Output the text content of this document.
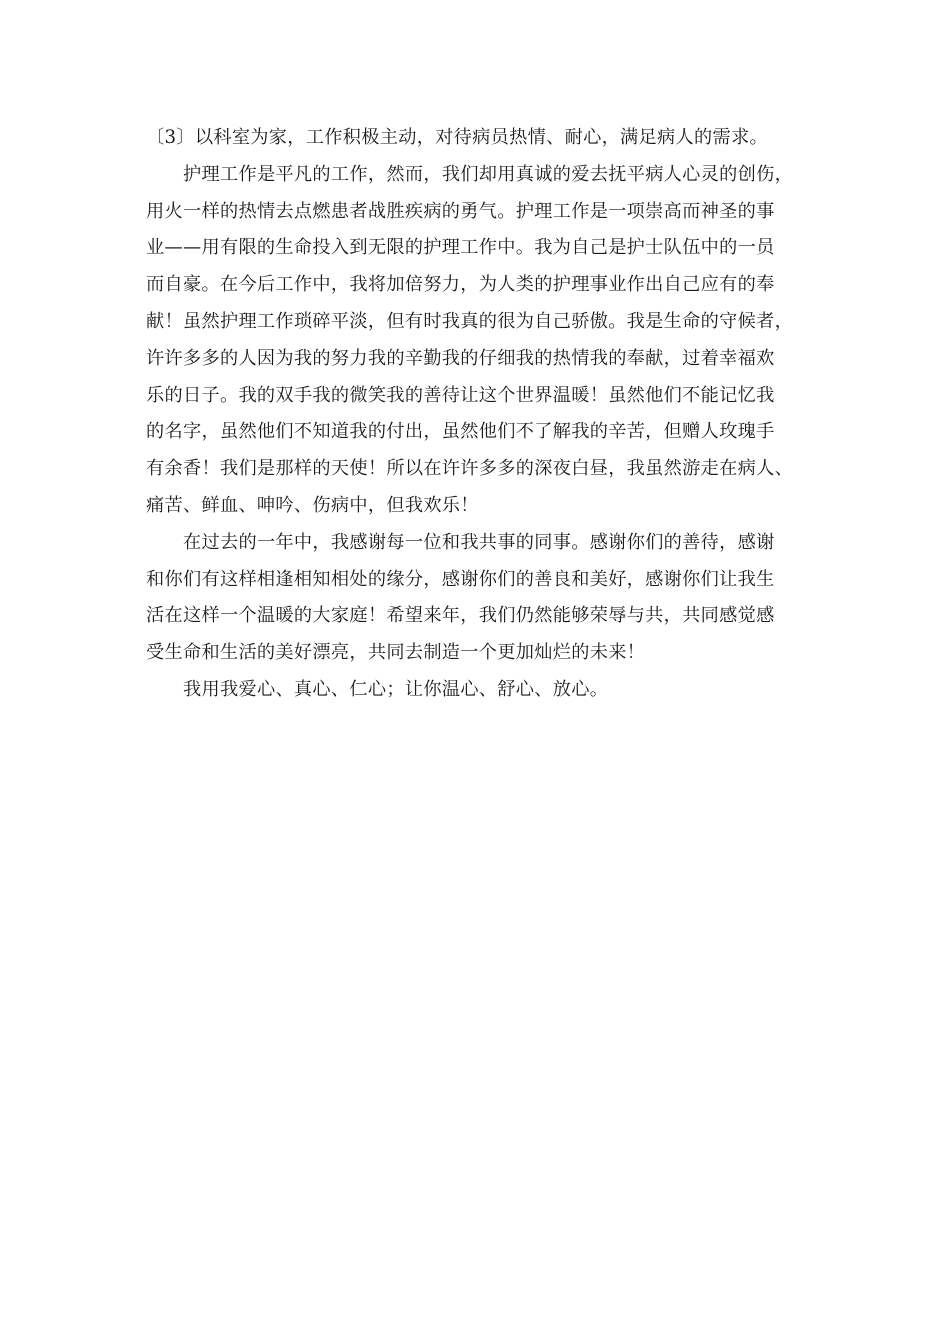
〔3〕以科室为家，工作积极主动，对待病员热情、耐心，满足病人的需求。
护理工作是平凡的工作，然而，我们却用真诚的爱去抚平病人心灵的创伤，
用火一样的热情去点燃患者战胜疾病的勇气。护理工作是一项崇高而神圣的事
业——用有限的生命投入到无限的护理工作中。我为自己是护士队伍中的一员
而自豪。在今后工作中，我将加倍努力，为人类的护理事业作出自己应有的奉
献！虽然护理工作琐碎平淡，但有时我真的很为自己骄傲。我是生命的守候者，
许许多多的人因为我的努力我的辛勤我的仔细我的热情我的奉献，过着幸福欢
乐的日子。我的双手我的微笑我的善待让这个世界温暖！虽然他们不能记忆我
的名字，虽然他们不知道我的付出，虽然他们不了解我的辛苦，但赠人玫瑰手
有余香！我们是那样的天使！所以在许许多多的深夜白昼，我虽然游走在病人、
痛苦、鲜血、呻吟、伤病中，但我欢乐！
在过去的一年中，我感谢每一位和我共事的同事。感谢你们的善待，感谢
和你们有这样相逢相知相处的缘分，感谢你们的善良和美好，感谢你们让我生
活在这样一个温暖的大家庭！希望来年，我们仍然能够荣辱与共，共同感觉感
受生命和生活的美好漂亮，共同去制造一个更加灿烂的未来！
我用我爱心、真心、仁心；让你温心、舒心、放心。
